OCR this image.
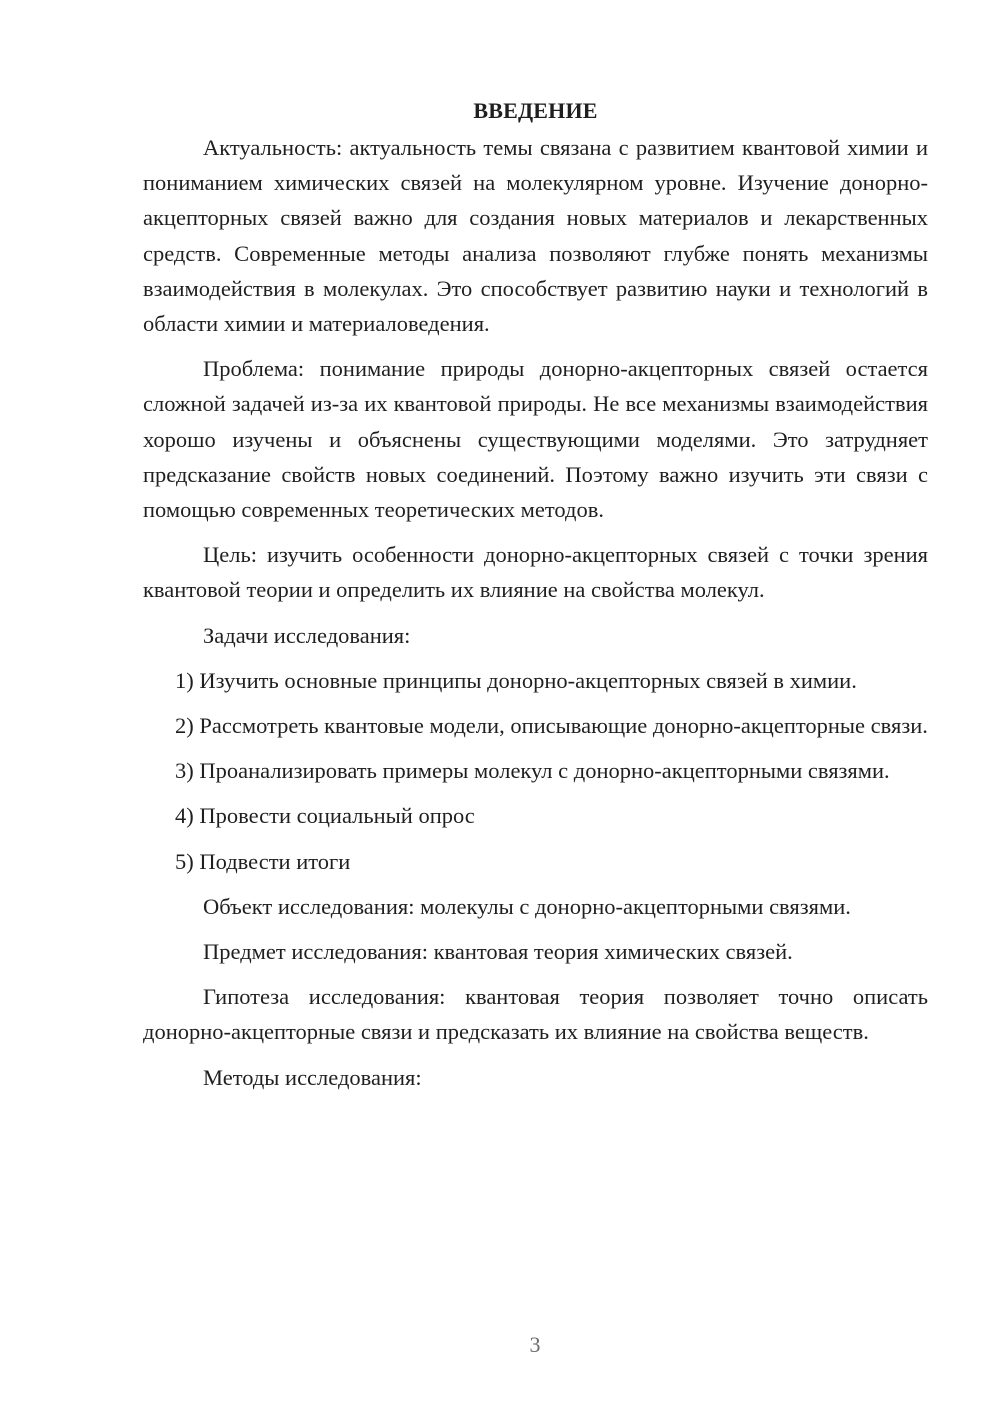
ВВЕДЕНИЕ

Актуальность: актуальность темы связана с развитием квантовой химии и пониманием химических связей на молекулярном уровне. Изучение донорно-акцепторных связей важно для создания новых материалов и лекарственных средств. Современные методы анализа позволяют глубже понять механизмы взаимодействия в молекулах. Это способствует развитию науки и технологий в области химии и материаловедения.

Проблема: понимание природы донорно-акцепторных связей остается сложной задачей из-за их квантовой природы. Не все механизмы взаимодействия хорошо изучены и объяснены существующими моделями. Это затрудняет предсказание свойств новых соединений. Поэтому важно изучить эти связи с помощью современных теоретических методов.

Цель: изучить особенности донорно-акцепторных связей с точки зрения квантовой теории и определить их влияние на свойства молекул.

Задачи исследования:

1) Изучить основные принципы донорно-акцепторных связей в химии.

2) Рассмотреть квантовые модели, описывающие донорно-акцепторные связи.

3) Проанализировать примеры молекул с донорно-акцепторными связями.

4) Провести социальный опрос

5) Подвести итоги

Объект исследования: молекулы с донорно-акцепторными связями.

Предмет исследования: квантовая теория химических связей.

Гипотеза исследования: квантовая теория позволяет точно описать донорно-акцепторные связи и предсказать их влияние на свойства веществ.

Методы исследования:

3
